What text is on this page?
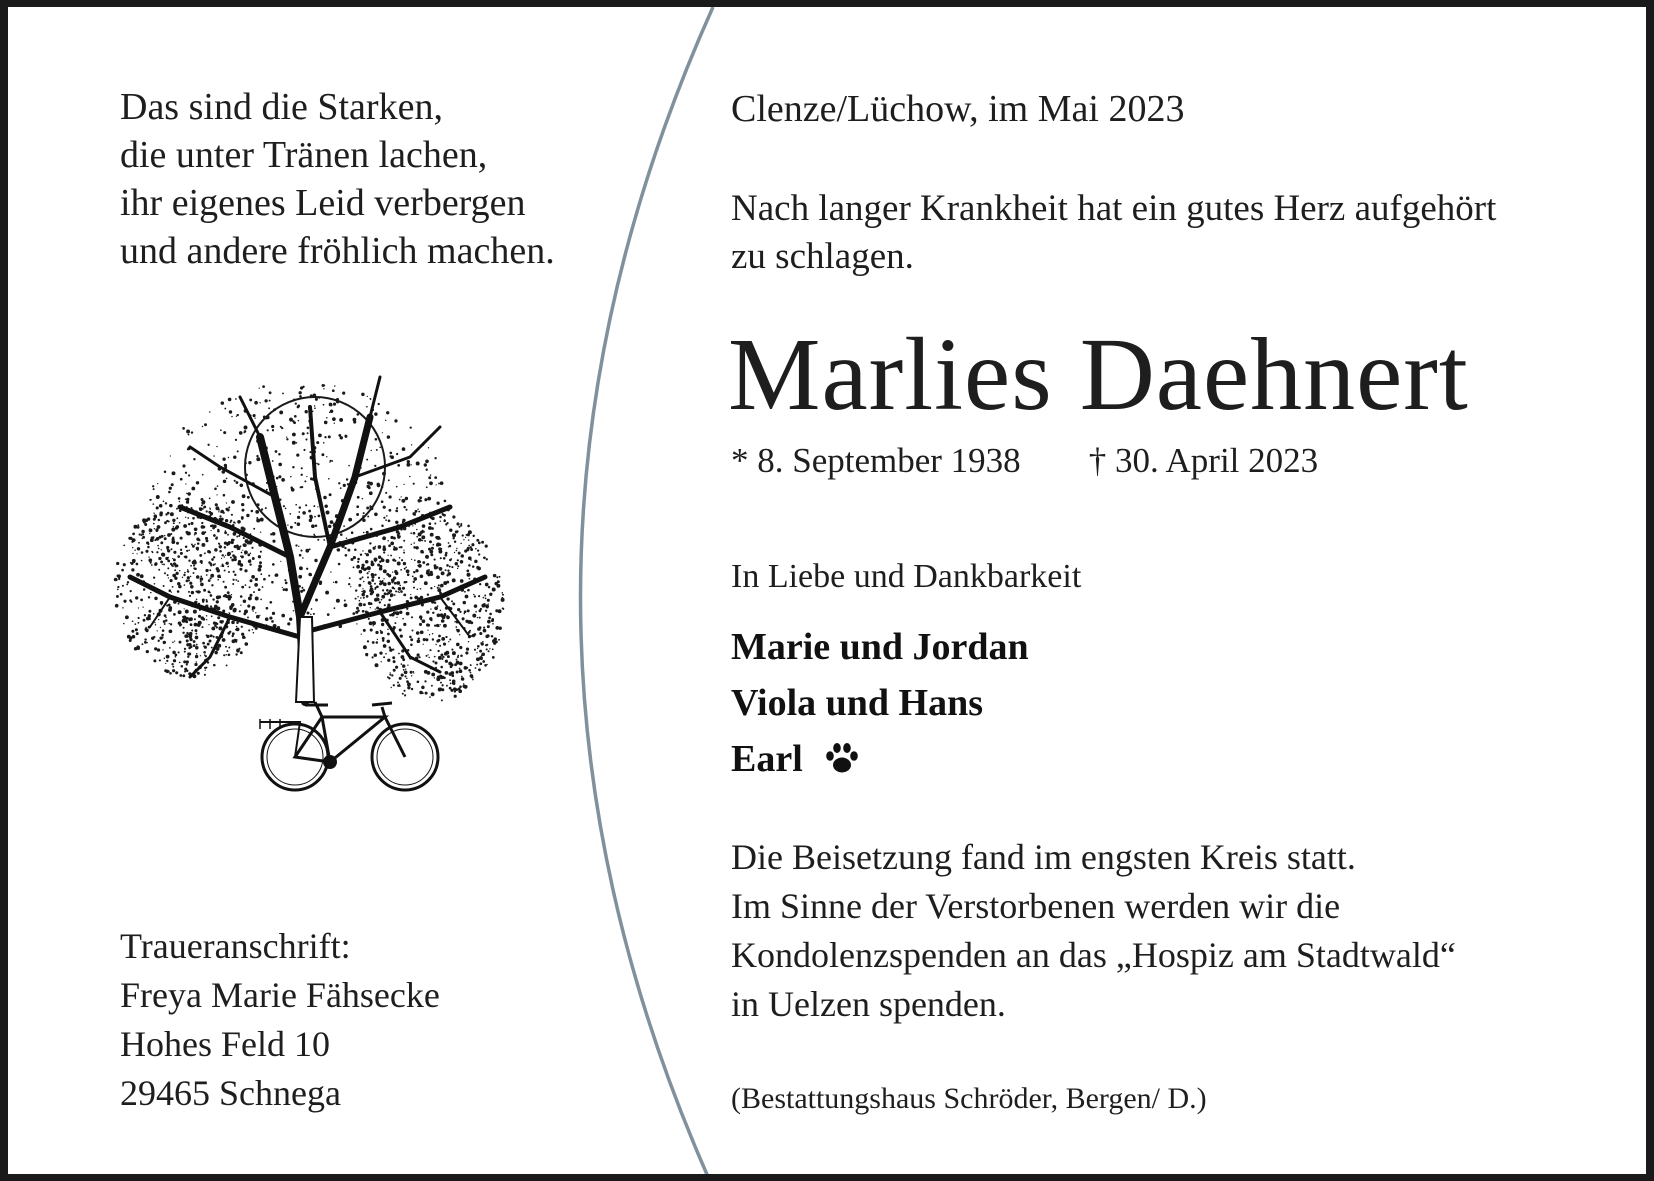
Das sind die Starken,
die unter Tränen lachen,
ihr eigenes Leid verbergen
und andere fröhlich machen.
Traueranschrift:
Freya Marie Fähsecke
Hohes Feld 10
29465 Schnega
Clenze/Lüchow, im Mai 2023
Nach langer Krankheit hat ein gutes Herz aufgehört
zu schlagen.
Marlies Daehnert
* 8. September 1938 † 30. April 2023
In Liebe und Dankbarkeit
Marie und Jordan
Viola und Hans
Earl
Die Beisetzung fand im engsten Kreis statt.
Im Sinne der Verstorbenen werden wir die
Kondolenzspenden an das „Hospiz am Stadtwald“
in Uelzen spenden.
(Bestattungshaus Schröder, Bergen/ D.)
